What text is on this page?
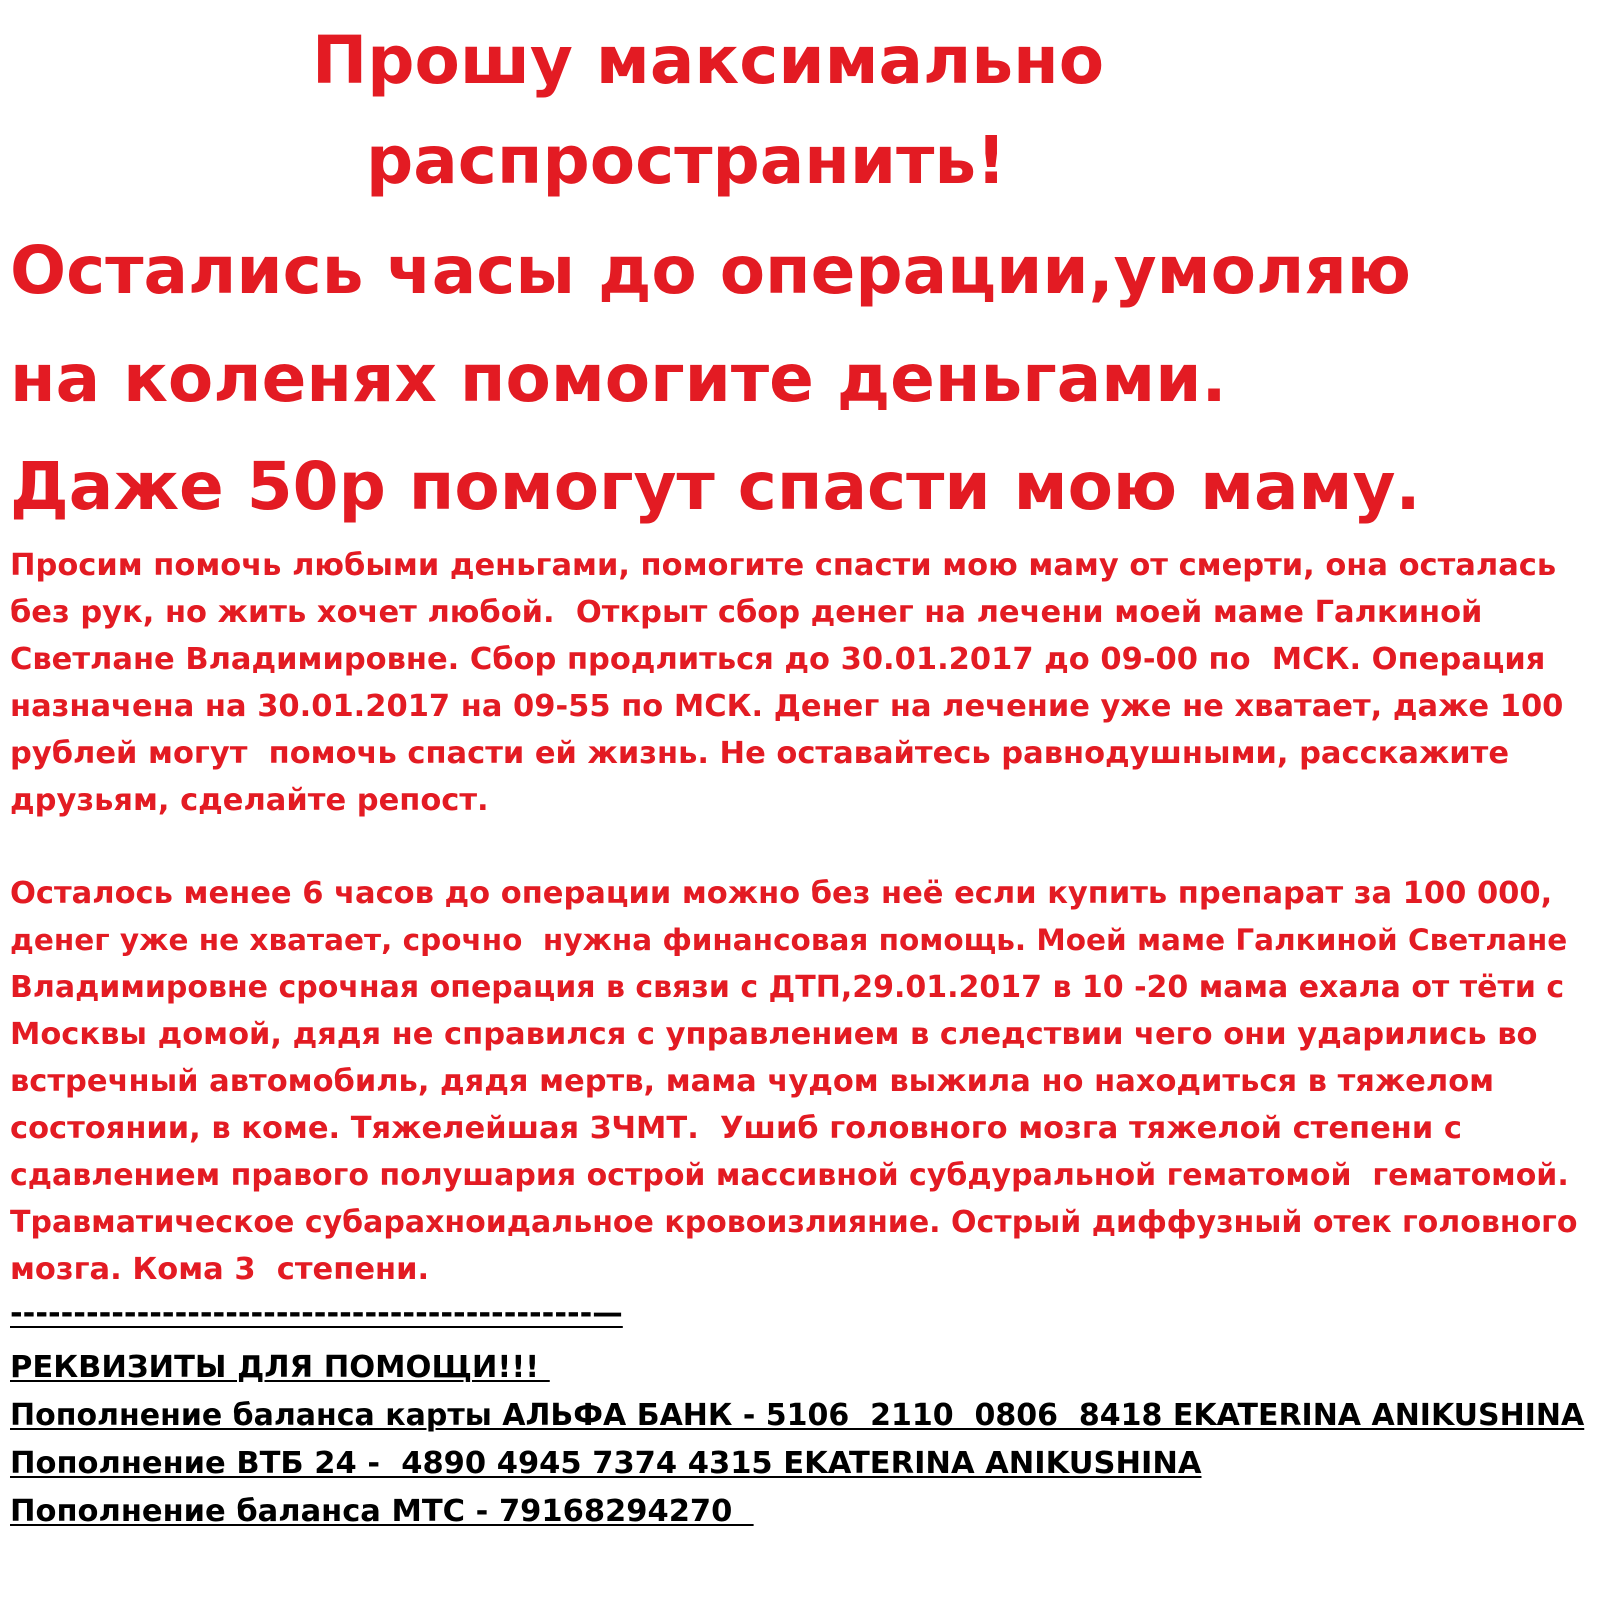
Прошу максимально
распространить!
Остались часы до операции,умоляю
на коленях помогите деньгами.
Даже 50р помогут спасти мою маму.
Просим помочь любыми деньгами, помогите спасти мою маму от смерти, она осталась
без рук, но жить хочет любой.  Открыт сбор денег на лечени моей маме Галкиной
Светлане Владимировне. Сбор продлиться до 30.01.2017 до 09-00 по  МСК. Операция
назначена на 30.01.2017 на 09-55 по МСК. Денег на лечение уже не хватает, даже 100
рублей могут  помочь спасти ей жизнь. Не оставайтесь равнодушными, расскажите
друзьям, сделайте репост.
Осталось менее 6 часов до операции можно без неё если купить препарат за 100 000,
денег уже не хватает, срочно  нужна финансовая помощь. Моей маме Галкиной Светлане
Владимировне срочная операция в связи с ДТП,29.01.2017 в 10 -20 мама ехала от тёти с
Москвы домой, дядя не справился с управлением в следствии чего они ударились во
встречный автомобиль, дядя мертв, мама чудом выжила но находиться в тяжелом
состоянии, в коме. Тяжелейшая ЗЧМТ.  Ушиб головного мозга тяжелой степени с
сдавлением правого полушария острой массивной субдуральной гематомой  гематомой.
Травматическое субарахноидальное кровоизлияние. Острый диффузный отек головного
мозга. Кома 3  степени.
----------------------------------------------—
РЕКВИЗИТЫ ДЛЯ ПОМОЩИ!!!
Пополнение баланса карты АЛЬФА БАНК - 5106  2110  0806  8418 EKATERINA ANIKUSHINA
Пополнение ВТБ 24 -  4890 4945 7374 4315 EKATERINA ANIKUSHINA
Пополнение баланса МТС - 79168294270
